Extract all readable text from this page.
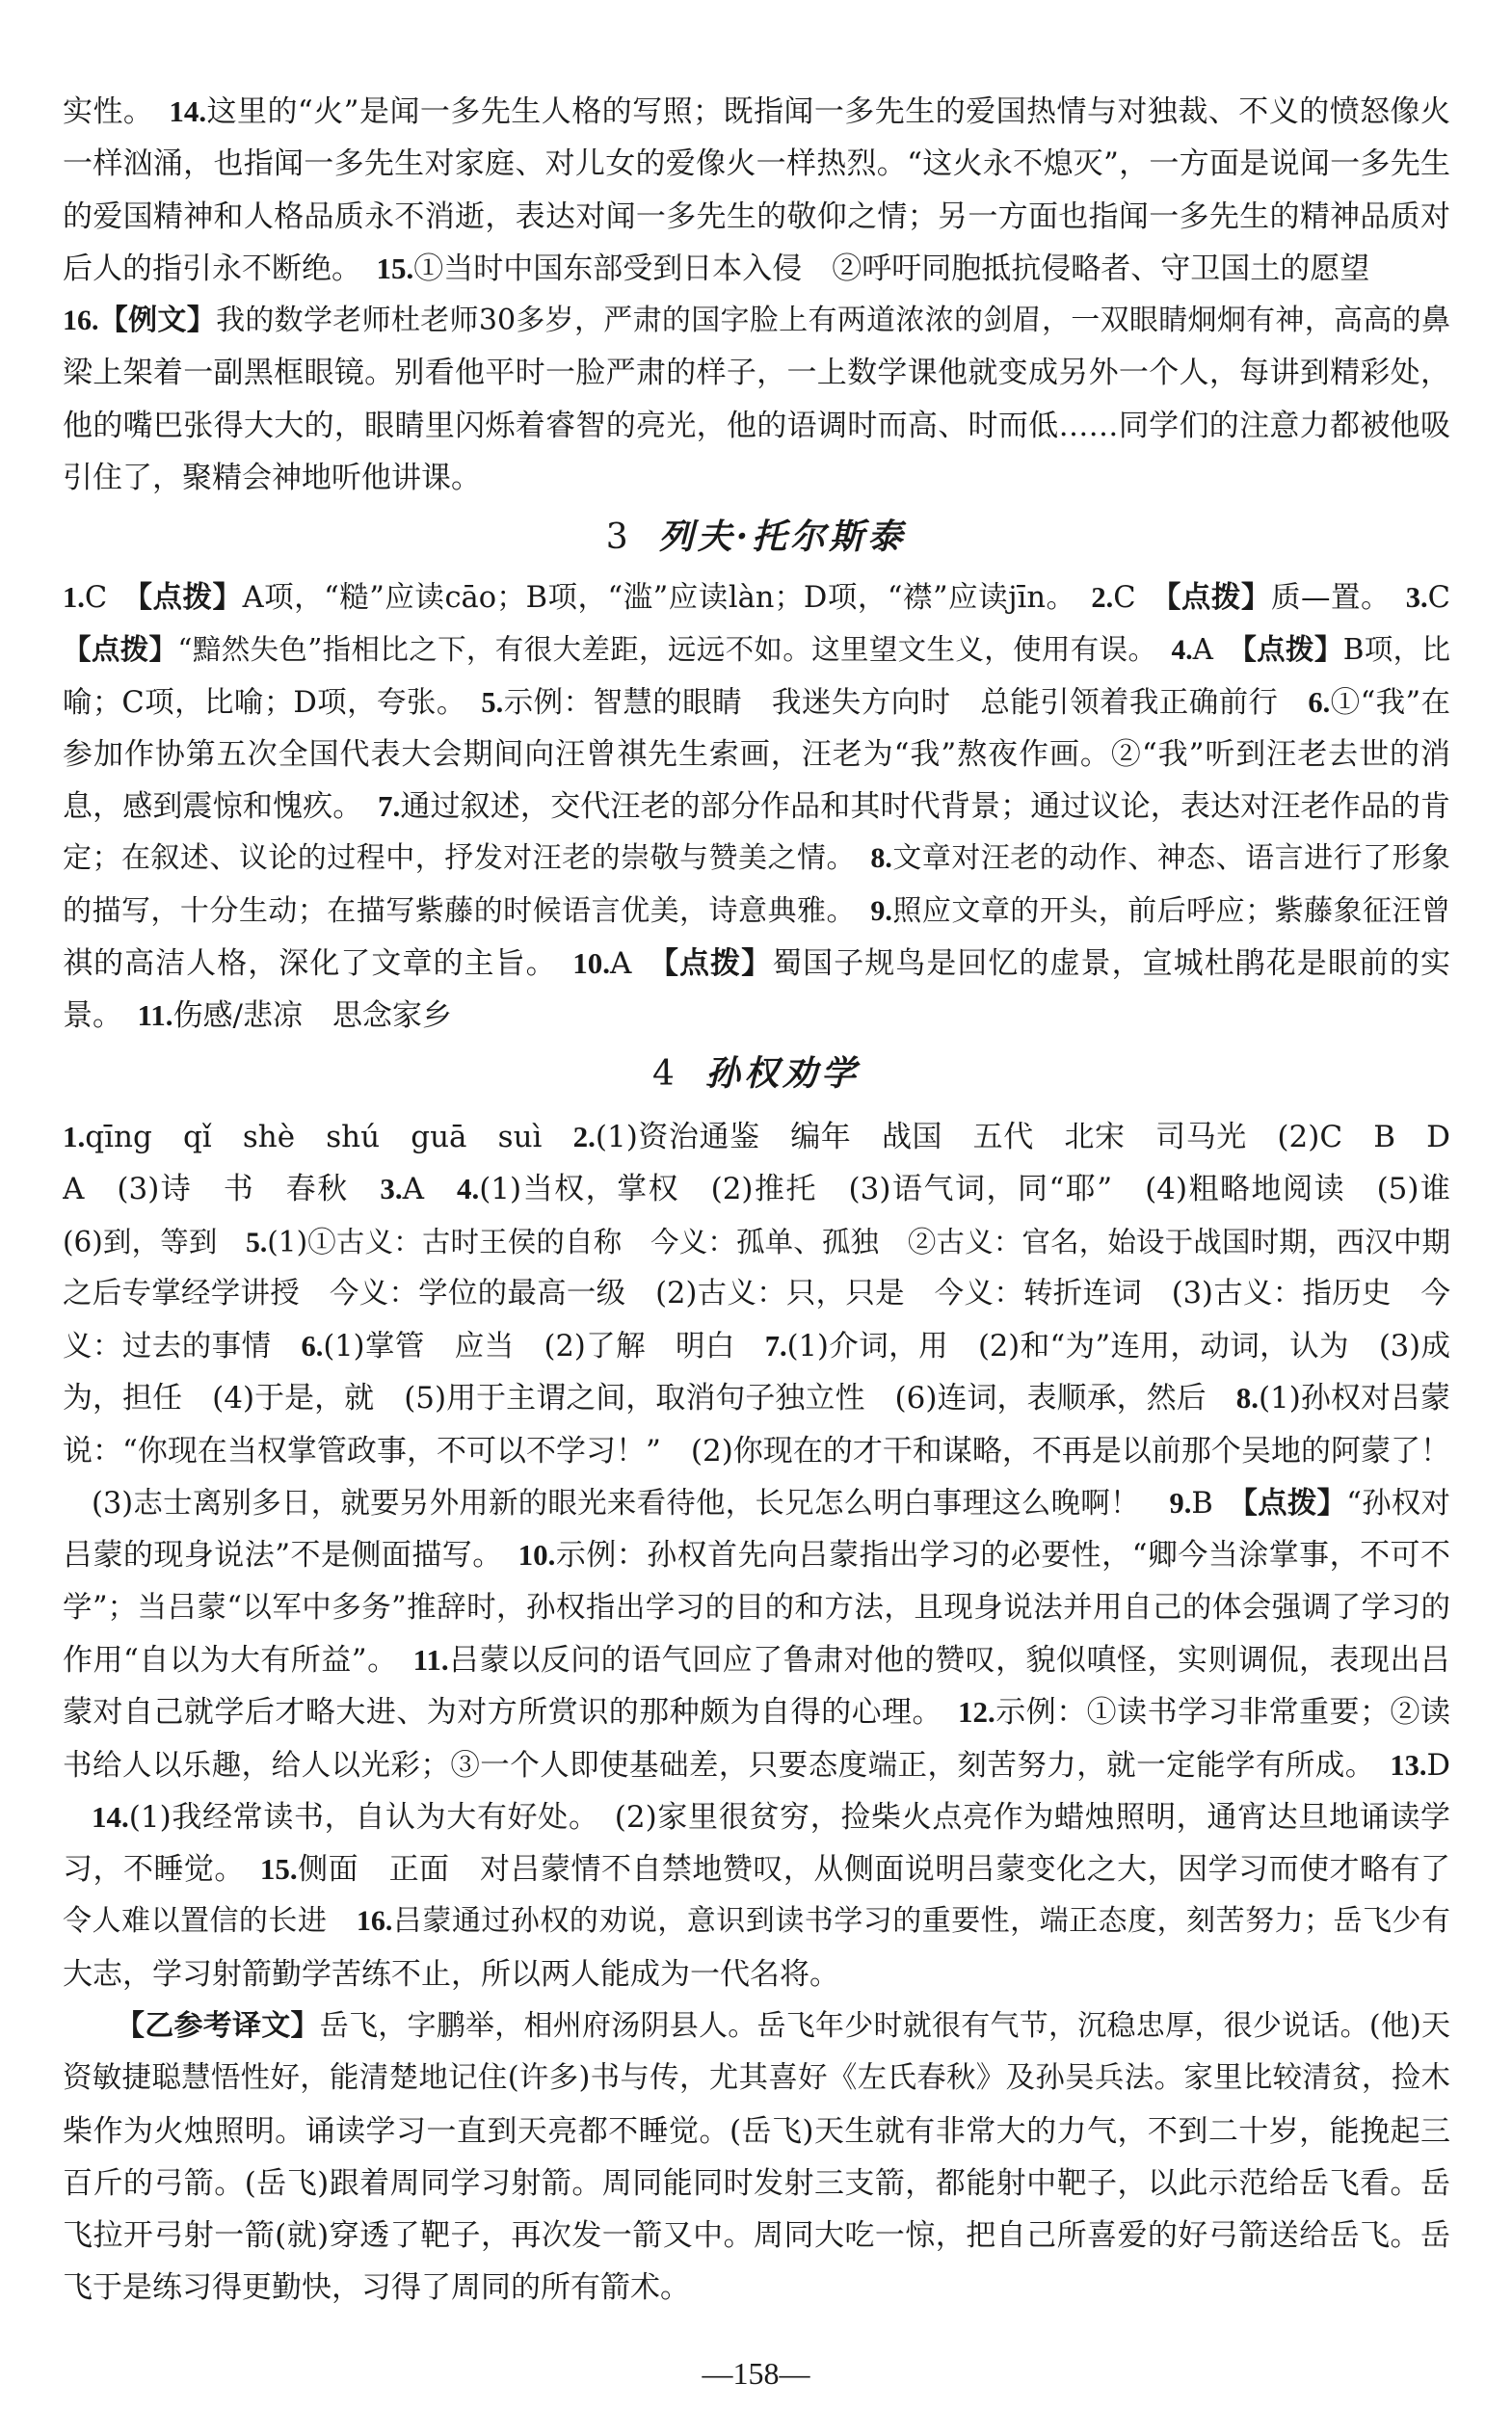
实性。　14.这里的“火”是闻一多先生人格的写照；既指闻一多先生的爱国热情与对独裁、不义的愤怒像火
一样汹涌，也指闻一多先生对家庭、对儿女的爱像火一样热烈。“这火永不熄灭”，一方面是说闻一多先生
的爱国精神和人格品质永不消逝，表达对闻一多先生的敬仰之情；另一方面也指闻一多先生的精神品质对
后人的指引永不断绝。　15.①当时中国东部受到日本入侵　②呼吁同胞抵抗侵略者、守卫国土的愿望
16.【例文】我的数学老师杜老师30多岁，严肃的国字脸上有两道浓浓的剑眉，一双眼睛炯炯有神，高高的鼻
梁上架着一副黑框眼镜。别看他平时一脸严肃的样子，一上数学课他就变成另外一个人，每讲到精彩处，
他的嘴巴张得大大的，眼睛里闪烁着睿智的亮光，他的语调时而高、时而低……同学们的注意力都被他吸
引住了，聚精会神地听他讲课。
3 列夫·托尔斯泰
1.C　【点拨】A项，“糙”应读cāo；B项，“滥”应读làn；D项，“襟”应读jīn。　2.C　【点拨】质—置。　3.C
【点拨】“黯然失色”指相比之下，有很大差距，远远不如。这里望文生义，使用有误。　4.A　【点拨】B项，比
喻；C项，比喻；D项，夸张。　5.示例：智慧的眼睛　我迷失方向时　总能引领着我正确前行　6.①“我”在
参加作协第五次全国代表大会期间向汪曾祺先生索画，汪老为“我”熬夜作画。②“我”听到汪老去世的消
息，感到震惊和愧疚。　7.通过叙述，交代汪老的部分作品和其时代背景；通过议论，表达对汪老作品的肯
定；在叙述、议论的过程中，抒发对汪老的崇敬与赞美之情。　8.文章对汪老的动作、神态、语言进行了形象
的描写，十分生动；在描写紫藤的时候语言优美，诗意典雅。　9.照应文章的开头，前后呼应；紫藤象征汪曾
祺的高洁人格，深化了文章的主旨。　10.A　【点拨】蜀国子规鸟是回忆的虚景，宣城杜鹃花是眼前的实
景。　11.伤感/悲凉　思念家乡
4 孙权劝学
1.qīng　qǐ　shè　shú　guā　suì　2.(1)资治通鉴　编年　战国　五代　北宋　司马光　(2)C　B　D
A　(3)诗　书　春秋　3.A　4.(1)当权，掌权　(2)推托　(3)语气词，同“耶”　(4)粗略地阅读　(5)谁
(6)到，等到　5.(1)①古义：古时王侯的自称　今义：孤单、孤独　②古义：官名，始设于战国时期，西汉中期
之后专掌经学讲授　今义：学位的最高一级　(2)古义：只，只是　今义：转折连词　(3)古义：指历史　今
义：过去的事情　6.(1)掌管　应当　(2)了解　明白　7.(1)介词，用　(2)和“为”连用，动词，认为　(3)成
为，担任　(4)于是，就　(5)用于主谓之间，取消句子独立性　(6)连词，表顺承，然后　8.(1)孙权对吕蒙
说：“你现在当权掌管政事，不可以不学习！”　(2)你现在的才干和谋略，不再是以前那个吴地的阿蒙了！
(3)志士离别多日，就要另外用新的眼光来看待他，长兄怎么明白事理这么晚啊！　9.B　【点拨】“孙权对
吕蒙的现身说法”不是侧面描写。　10.示例：孙权首先向吕蒙指出学习的必要性，“卿今当涂掌事，不可不
学”；当吕蒙“以军中多务”推辞时，孙权指出学习的目的和方法，且现身说法并用自己的体会强调了学习的
作用“自以为大有所益”。　11.吕蒙以反问的语气回应了鲁肃对他的赞叹，貌似嗔怪，实则调侃，表现出吕
蒙对自己就学后才略大进、为对方所赏识的那种颇为自得的心理。　12.示例：①读书学习非常重要；②读
书给人以乐趣，给人以光彩；③一个人即使基础差，只要态度端正，刻苦努力，就一定能学有所成。　13.D
14.(1)我经常读书，自认为大有好处。　(2)家里很贫穷，捡柴火点亮作为蜡烛照明，通宵达旦地诵读学
习，不睡觉。　15.侧面　正面　对吕蒙情不自禁地赞叹，从侧面说明吕蒙变化之大，因学习而使才略有了
令人难以置信的长进　16.吕蒙通过孙权的劝说，意识到读书学习的重要性，端正态度，刻苦努力；岳飞少有
大志，学习射箭勤学苦练不止，所以两人能成为一代名将。
【乙参考译文】岳飞，字鹏举，相州府汤阴县人。岳飞年少时就很有气节，沉稳忠厚，很少说话。(他)天
资敏捷聪慧悟性好，能清楚地记住(许多)书与传，尤其喜好《左氏春秋》及孙吴兵法。家里比较清贫，捡木
柴作为火烛照明。诵读学习一直到天亮都不睡觉。(岳飞)天生就有非常大的力气，不到二十岁，能挽起三
百斤的弓箭。(岳飞)跟着周同学习射箭。周同能同时发射三支箭，都能射中靶子，以此示范给岳飞看。岳
飞拉开弓射一箭(就)穿透了靶子，再次发一箭又中。周同大吃一惊，把自己所喜爱的好弓箭送给岳飞。岳
飞于是练习得更勤快，习得了周同的所有箭术。
—158—
